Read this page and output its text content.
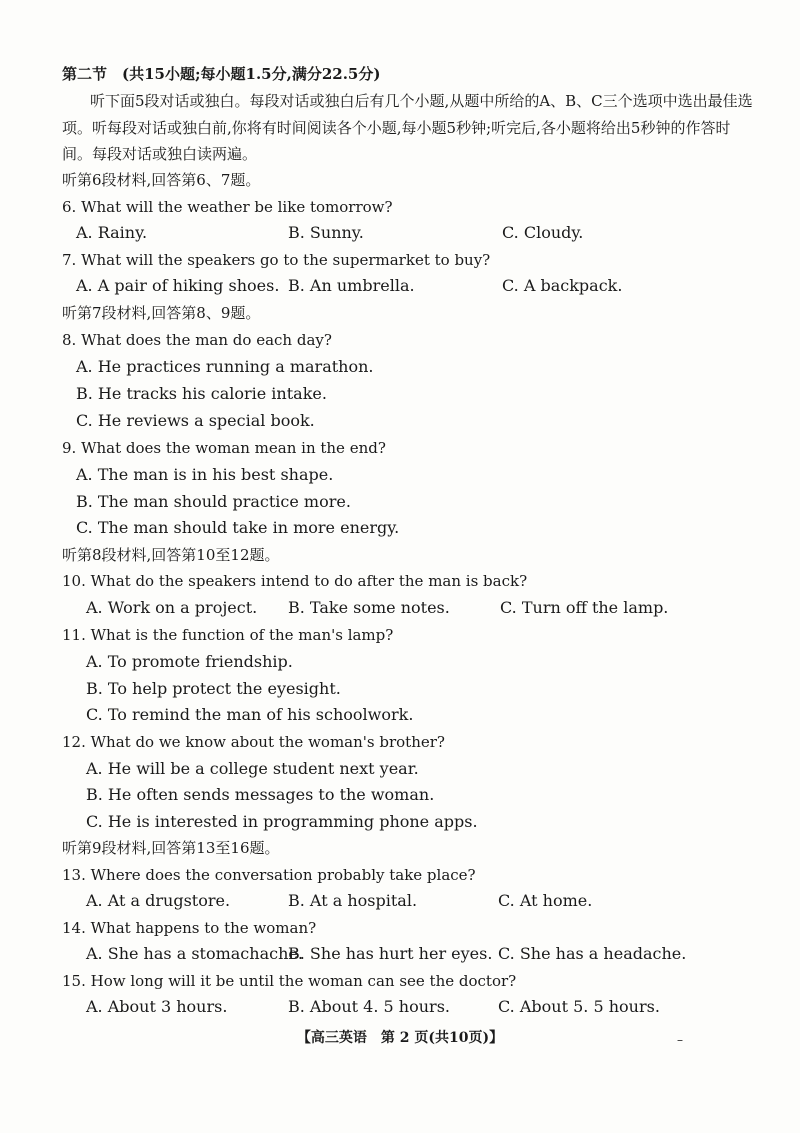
第二节　(共15小题;每小题1.5分,满分22.5分)
听下面5段对话或独白。每段对话或独白后有几个小题,从题中所给的A、B、C三个选项中选出最佳选项。听每段对话或独白前,你将有时间阅读各个小题,每小题5秒钟;听完后,各小题将给出5秒钟的作答时间。每段对话或独白读两遍。
听第6段材料,回答第6、7题。
6. What will the weather be like tomorrow?
A. Rainy.	B. Sunny.	C. Cloudy.
7. What will the speakers go to the supermarket to buy?
A. A pair of hiking shoes. B. An umbrella.	C. A backpack.
听第7段材料,回答第8、9题。
8. What does the man do each day?
A. He practices running a marathon.
B. He tracks his calorie intake.
C. He reviews a special book.
9. What does the woman mean in the end?
A. The man is in his best shape.
B. The man should practice more.
C. The man should take in more energy.
听第8段材料,回答第10至12题。
10. What do the speakers intend to do after the man is back?
A. Work on a project. B. Take some notes.	C. Turn off the lamp.
11. What is the function of the man's lamp?
A. To promote friendship.
B. To help protect the eyesight.
C. To remind the man of his schoolwork.
12. What do we know about the woman's brother?
A. He will be a college student next year.
B. He often sends messages to the woman.
C. He is interested in programming phone apps.
听第9段材料,回答第13至16题。
13. Where does the conversation probably take place?
A. At a drugstore.	B. At a hospital.	C. At home.
14. What happens to the woman?
A. She has a stomachache.
B. She has hurt her eyes. C. She has a headache.
15. How long will it be until the woman can see the doctor?
A. About 3 hours.	B. About 4. 5 hours.	C. About 5. 5 hours.
【高三英语　第 2 页(共10页)】	–
